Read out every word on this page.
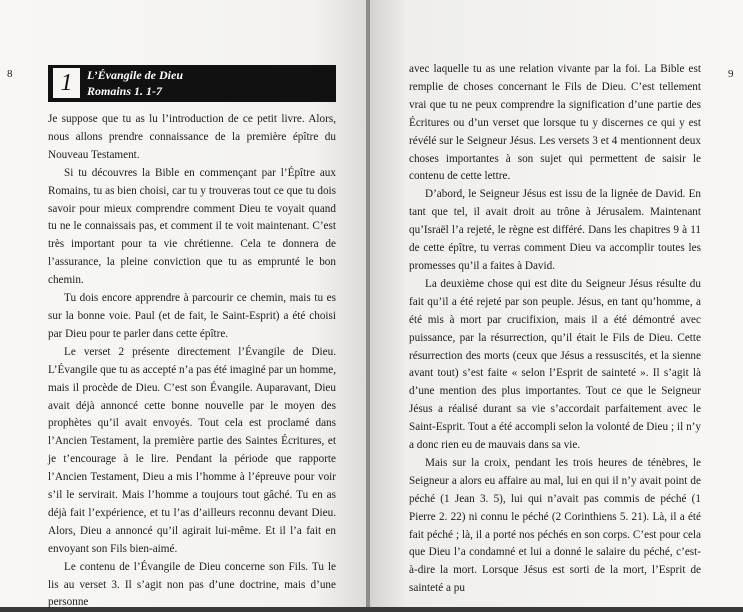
8	1	L’Évangile de Dieu
Romains 1. 1-7

Je suppose que tu as lu l’introduction de ce petit livre. Alors, nous allons prendre connaissance de la première épître du Nouveau Testament.

Si tu découvres la Bible en commençant par l’Épître aux Romains, tu as bien choisi, car tu y trouveras tout ce que tu dois savoir pour mieux comprendre comment Dieu te voyait quand tu ne le connaissais pas, et comment il te voit maintenant. C’est très important pour ta vie chrétienne. Cela te donnera de l’assurance, la pleine conviction que tu as emprunté le bon chemin.

Tu dois encore apprendre à parcourir ce chemin, mais tu es sur la bonne voie. Paul (et de fait, le Saint-Esprit) a été choisi par Dieu pour te parler dans cette épître.

Le verset 2 présente directement l’Évangile de Dieu. L’Évangile que tu as accepté n’a pas été imaginé par un homme, mais il procède de Dieu. C’est son Évangile. Auparavant, Dieu avait déjà annoncé cette bonne nouvelle par le moyen des prophètes qu’il avait envoyés. Tout cela est proclamé dans l’Ancien Testament, la première partie des Saintes Écritures, et je t’encourage à le lire. Pendant la période que rapporte l’Ancien Testament, Dieu a mis l’homme à l’épreuve pour voir s’il le servirait. Mais l’homme a toujours tout gâché. Tu en as déjà fait l’expérience, et tu l’as d’ailleurs reconnu devant Dieu. Alors, Dieu a annoncé qu’il agirait lui-même. Et il l’a fait en envoyant son Fils bien-aimé.

Le contenu de l’Évangile de Dieu concerne son Fils. Tu le lis au verset 3. Il s’agit non pas d’une doctrine, mais d’une personne

9

avec laquelle tu as une relation vivante par la foi. La Bible est remplie de choses concernant le Fils de Dieu. C’est tellement vrai que tu ne peux comprendre la signification d’une partie des Écritures ou d’un verset que lorsque tu y discernes ce qui y est révélé sur le Seigneur Jésus. Les versets 3 et 4 mentionnent deux choses importantes à son sujet qui permettent de saisir le contenu de cette lettre.

D’abord, le Seigneur Jésus est issu de la lignée de David. En tant que tel, il avait droit au trône à Jérusalem. Maintenant qu’Israël l’a rejeté, le règne est différé. Dans les chapitres 9 à 11 de cette épître, tu verras comment Dieu va accomplir toutes les promesses qu’il a faites à David.

La deuxième chose qui est dite du Seigneur Jésus résulte du fait qu’il a été rejeté par son peuple. Jésus, en tant qu’homme, a été mis à mort par crucifixion, mais il a été démontré avec puissance, par la résurrection, qu’il était le Fils de Dieu. Cette résurrection des morts (ceux que Jésus a ressuscités, et la sienne avant tout) s’est faite « selon l’Esprit de sainteté ». Il s’agit là d’une mention des plus importantes. Tout ce que le Seigneur Jésus a réalisé durant sa vie s’accordait parfaitement avec le Saint-Esprit. Tout a été accompli selon la volonté de Dieu ; il n’y a donc rien eu de mauvais dans sa vie.

Mais sur la croix, pendant les trois heures de ténèbres, le Seigneur a alors eu affaire au mal, lui en qui il n’y avait point de péché (1 Jean 3. 5), lui qui n’avait pas commis de péché (1 Pierre 2. 22) ni connu le péché (2 Corinthiens 5. 21). Là, il a été fait péché ; là, il a porté nos péchés en son corps. C’est pour cela que Dieu l’a condamné et lui a donné le salaire du péché, c’est-à-dire la mort. Lorsque Jésus est sorti de la mort, l’Esprit de sainteté a pu
